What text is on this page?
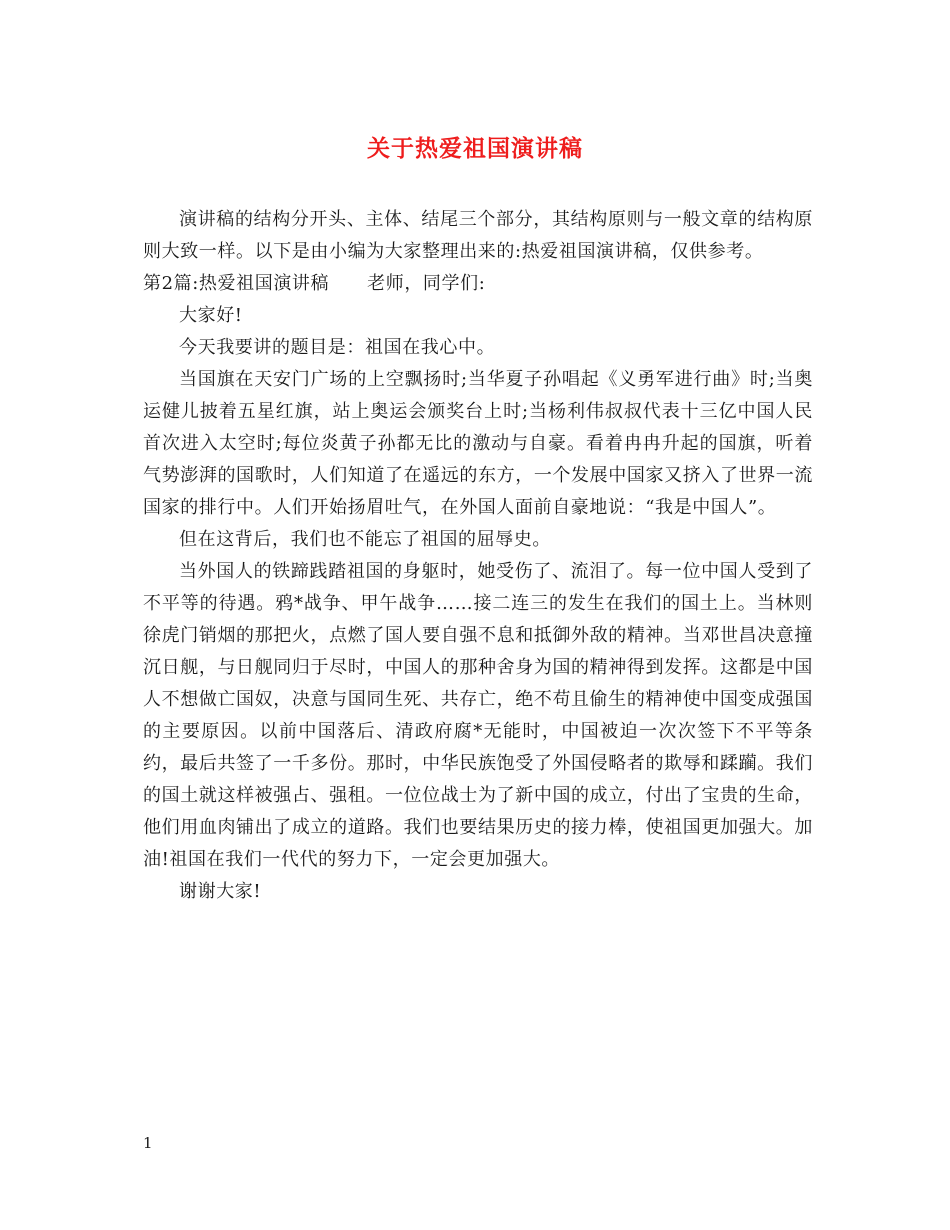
关于热爱祖国演讲稿

演讲稿的结构分开头、主体、结尾三个部分，其结构原则与一般文章的结构原则大致一样。以下是由小编为大家整理出来的:热爱祖国演讲稿，仅供参考。

第2篇:热爱祖国演讲稿 老师，同学们:

大家好!

今天我要讲的题目是：祖国在我心中。

当国旗在天安门广场的上空飘扬时;当华夏子孙唱起《义勇军进行曲》时;当奥运健儿披着五星红旗，站上奥运会颁奖台上时;当杨利伟叔叔代表十三亿中国人民首次进入太空时;每位炎黄子孙都无比的激动与自豪。看着冉冉升起的国旗，听着气势澎湃的国歌时，人们知道了在遥远的东方，一个发展中国家又挤入了世界一流国家的排行中。人们开始扬眉吐气，在外国人面前自豪地说：“我是中国人”。

但在这背后，我们也不能忘了祖国的屈辱史。

当外国人的铁蹄践踏祖国的身躯时，她受伤了、流泪了。每一位中国人受到了不平等的待遇。鸦*战争、甲午战争……接二连三的发生在我们的国土上。当林则徐虎门销烟的那把火，点燃了国人要自强不息和抵御外敌的精神。当邓世昌决意撞沉日舰，与日舰同归于尽时，中国人的那种舍身为国的精神得到发挥。这都是中国人不想做亡国奴，决意与国同生死、共存亡，绝不苟且偷生的精神使中国变成强国的主要原因。以前中国落后、清政府腐*无能时，中国被迫一次次签下不平等条约，最后共签了一千多份。那时，中华民族饱受了外国侵略者的欺辱和蹂躏。我们的国土就这样被强占、强租。一位位战士为了新中国的成立，付出了宝贵的生命，他们用血肉铺出了成立的道路。我们也要结果历史的接力棒，使祖国更加强大。加油!祖国在我们一代代的努力下，一定会更加强大。

谢谢大家!

1
